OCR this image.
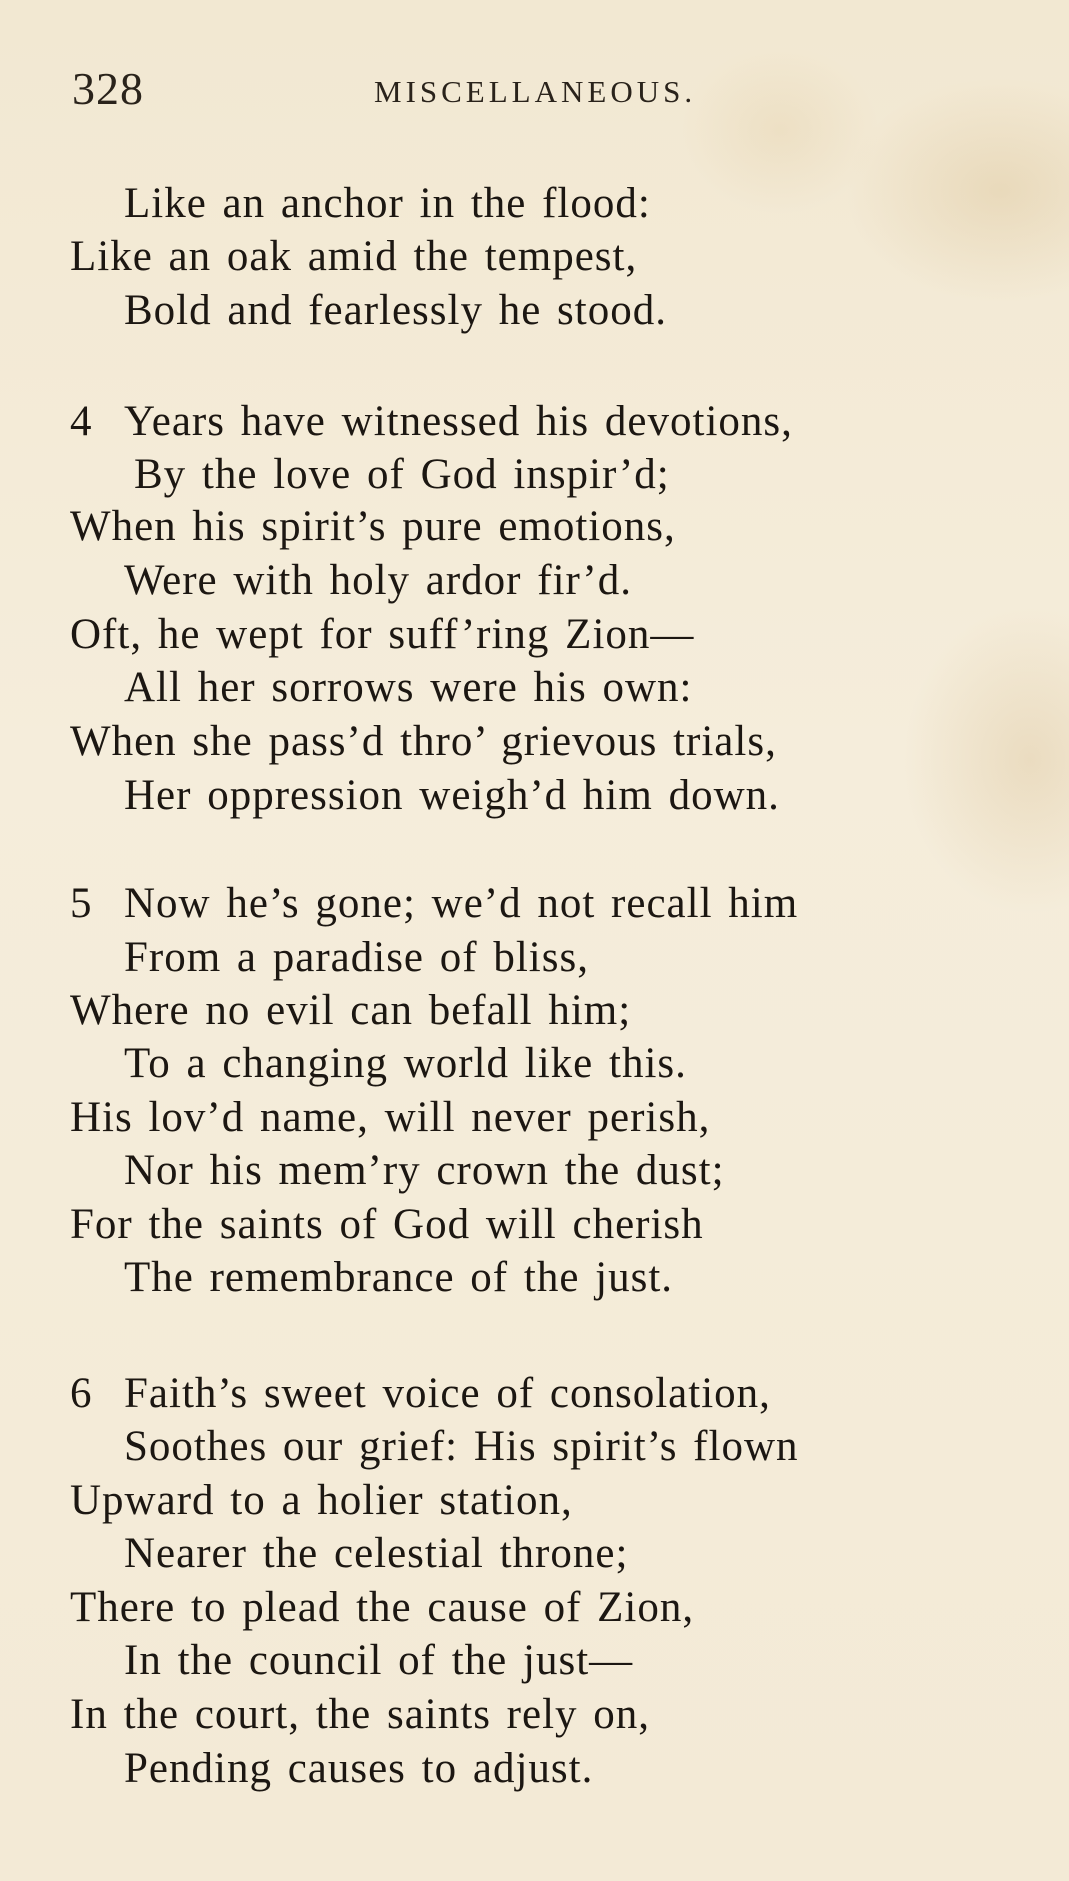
328	MISCELLANEOUS.
Like an anchor in the flood:
Like an oak amid the tempest,
Bold and fearlessly he stood.
4 Years have witnessed his devotions,
By the love of God inspir’d;
When his spirit’s pure emotions,
Were with holy ardor fir’d.
Oft, he wept for suff’ring Zion—
All her sorrows were his own:
When she pass’d thro’ grievous trials,
Her oppression weigh’d him down.
5 Now he’s gone; we’d not recall him
From a paradise of bliss,
Where no evil can befall him;
To a changing world like this.
His lov’d name, will never perish,
Nor his mem’ry crown the dust;
For the saints of God will cherish
The remembrance of the just.
6 Faith’s sweet voice of consolation,
Soothes our grief: His spirit’s flown
Upward to a holier station,
Nearer the celestial throne;
There to plead the cause of Zion,
In the council of the just—
In the court, the saints rely on,
Pending causes to adjust.
